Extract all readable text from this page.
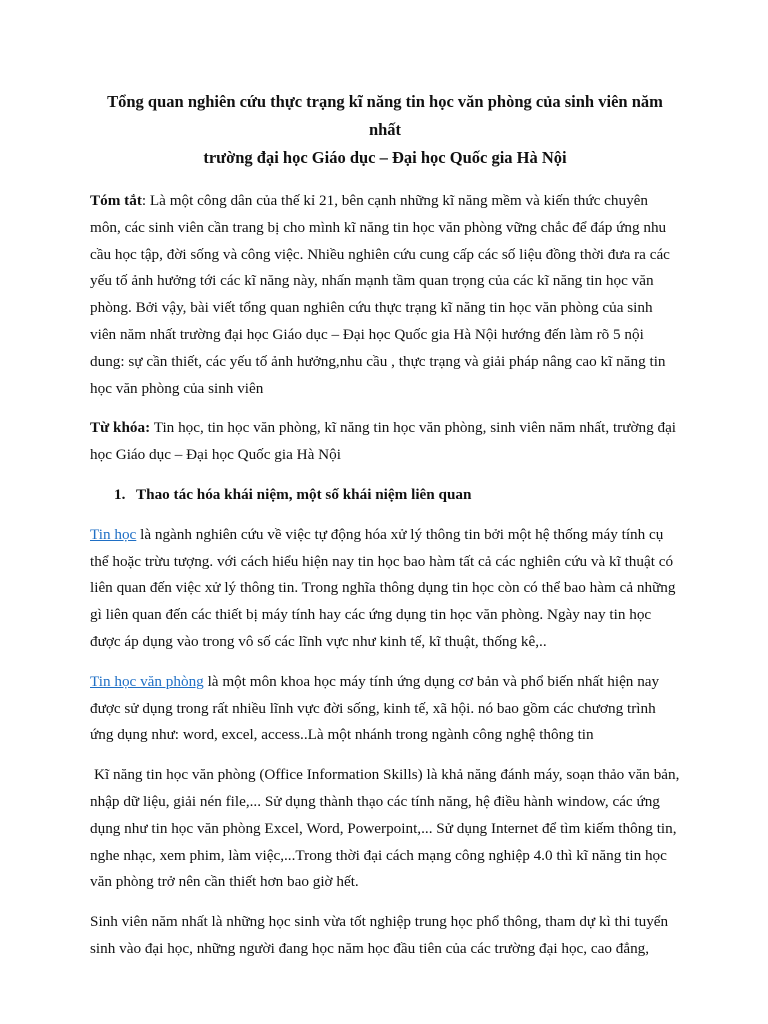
Tổng quan nghiên cứu thực trạng kĩ năng tin học văn phòng của sinh viên năm nhất
trường đại học Giáo dục – Đại học Quốc gia Hà Nội

Tóm tắt: Là một công dân của thế kỉ 21, bên cạnh những kĩ năng mềm và kiến thức chuyên môn, các sinh viên cần trang bị cho mình kĩ năng tin học văn phòng vững chắc để đáp ứng nhu cầu học tập, đời sống và công việc. Nhiều nghiên cứu cung cấp các số liệu đồng thời đưa ra các yếu tố ảnh hưởng tới các kĩ năng này, nhấn mạnh tầm quan trọng của các kĩ năng tin học văn phòng. Bởi vậy, bài viết tổng quan nghiên cứu thực trạng kĩ năng tin học văn phòng của sinh viên năm nhất trường đại học Giáo dục – Đại học Quốc gia Hà Nội hướng đến làm rõ 5 nội dung: sự cần thiết, các yếu tố ảnh hưởng,nhu cầu , thực trạng và giải pháp nâng cao kĩ năng tin học văn phòng của sinh viên

Từ khóa: Tin học, tin học văn phòng, kĩ năng tin học văn phòng, sinh viên năm nhất, trường đại học Giáo dục – Đại học Quốc gia Hà Nội

1. Thao tác hóa khái niệm, một số khái niệm liên quan

Tin học là ngành nghiên cứu về việc tự động hóa xử lý thông tin bởi một hệ thống máy tính cụ thể hoặc trừu tượng. với cách hiểu hiện nay tin học bao hàm tất cả các nghiên cứu và kĩ thuật có liên quan đến việc xử lý thông tin. Trong nghĩa thông dụng tin học còn có thể bao hàm cả những gì liên quan đến các thiết bị máy tính hay các ứng dụng tin học văn phòng. Ngày nay tin học được áp dụng vào trong vô số các lĩnh vực như kinh tế, kĩ thuật, thống kê,..

Tin học văn phòng là một môn khoa học máy tính ứng dụng cơ bản và phổ biến nhất hiện nay được sử dụng trong rất nhiều lĩnh vực đời sống, kinh tế, xã hội. nó bao gồm các chương trình ứng dụng như: word, excel, access..Là một nhánh trong ngành công nghệ thông tin

Kĩ năng tin học văn phòng (Office Information Skills) là khả năng đánh máy, soạn thảo văn bản, nhập dữ liệu, giải nén file,... Sử dụng thành thạo các tính năng, hệ điều hành window, các ứng dụng như tin học văn phòng Excel, Word, Powerpoint,... Sử dụng Internet để tìm kiếm thông tin, nghe nhạc, xem phim, làm việc,...Trong thời đại cách mạng công nghiệp 4.0 thì kĩ năng tin học văn phòng trở nên cần thiết hơn bao giờ hết.

Sinh viên năm nhất là những học sinh vừa tốt nghiệp trung học phổ thông, tham dự kì thi tuyển sinh vào đại học, những người đang học năm học đầu tiên của các trường đại học, cao đẳng,
